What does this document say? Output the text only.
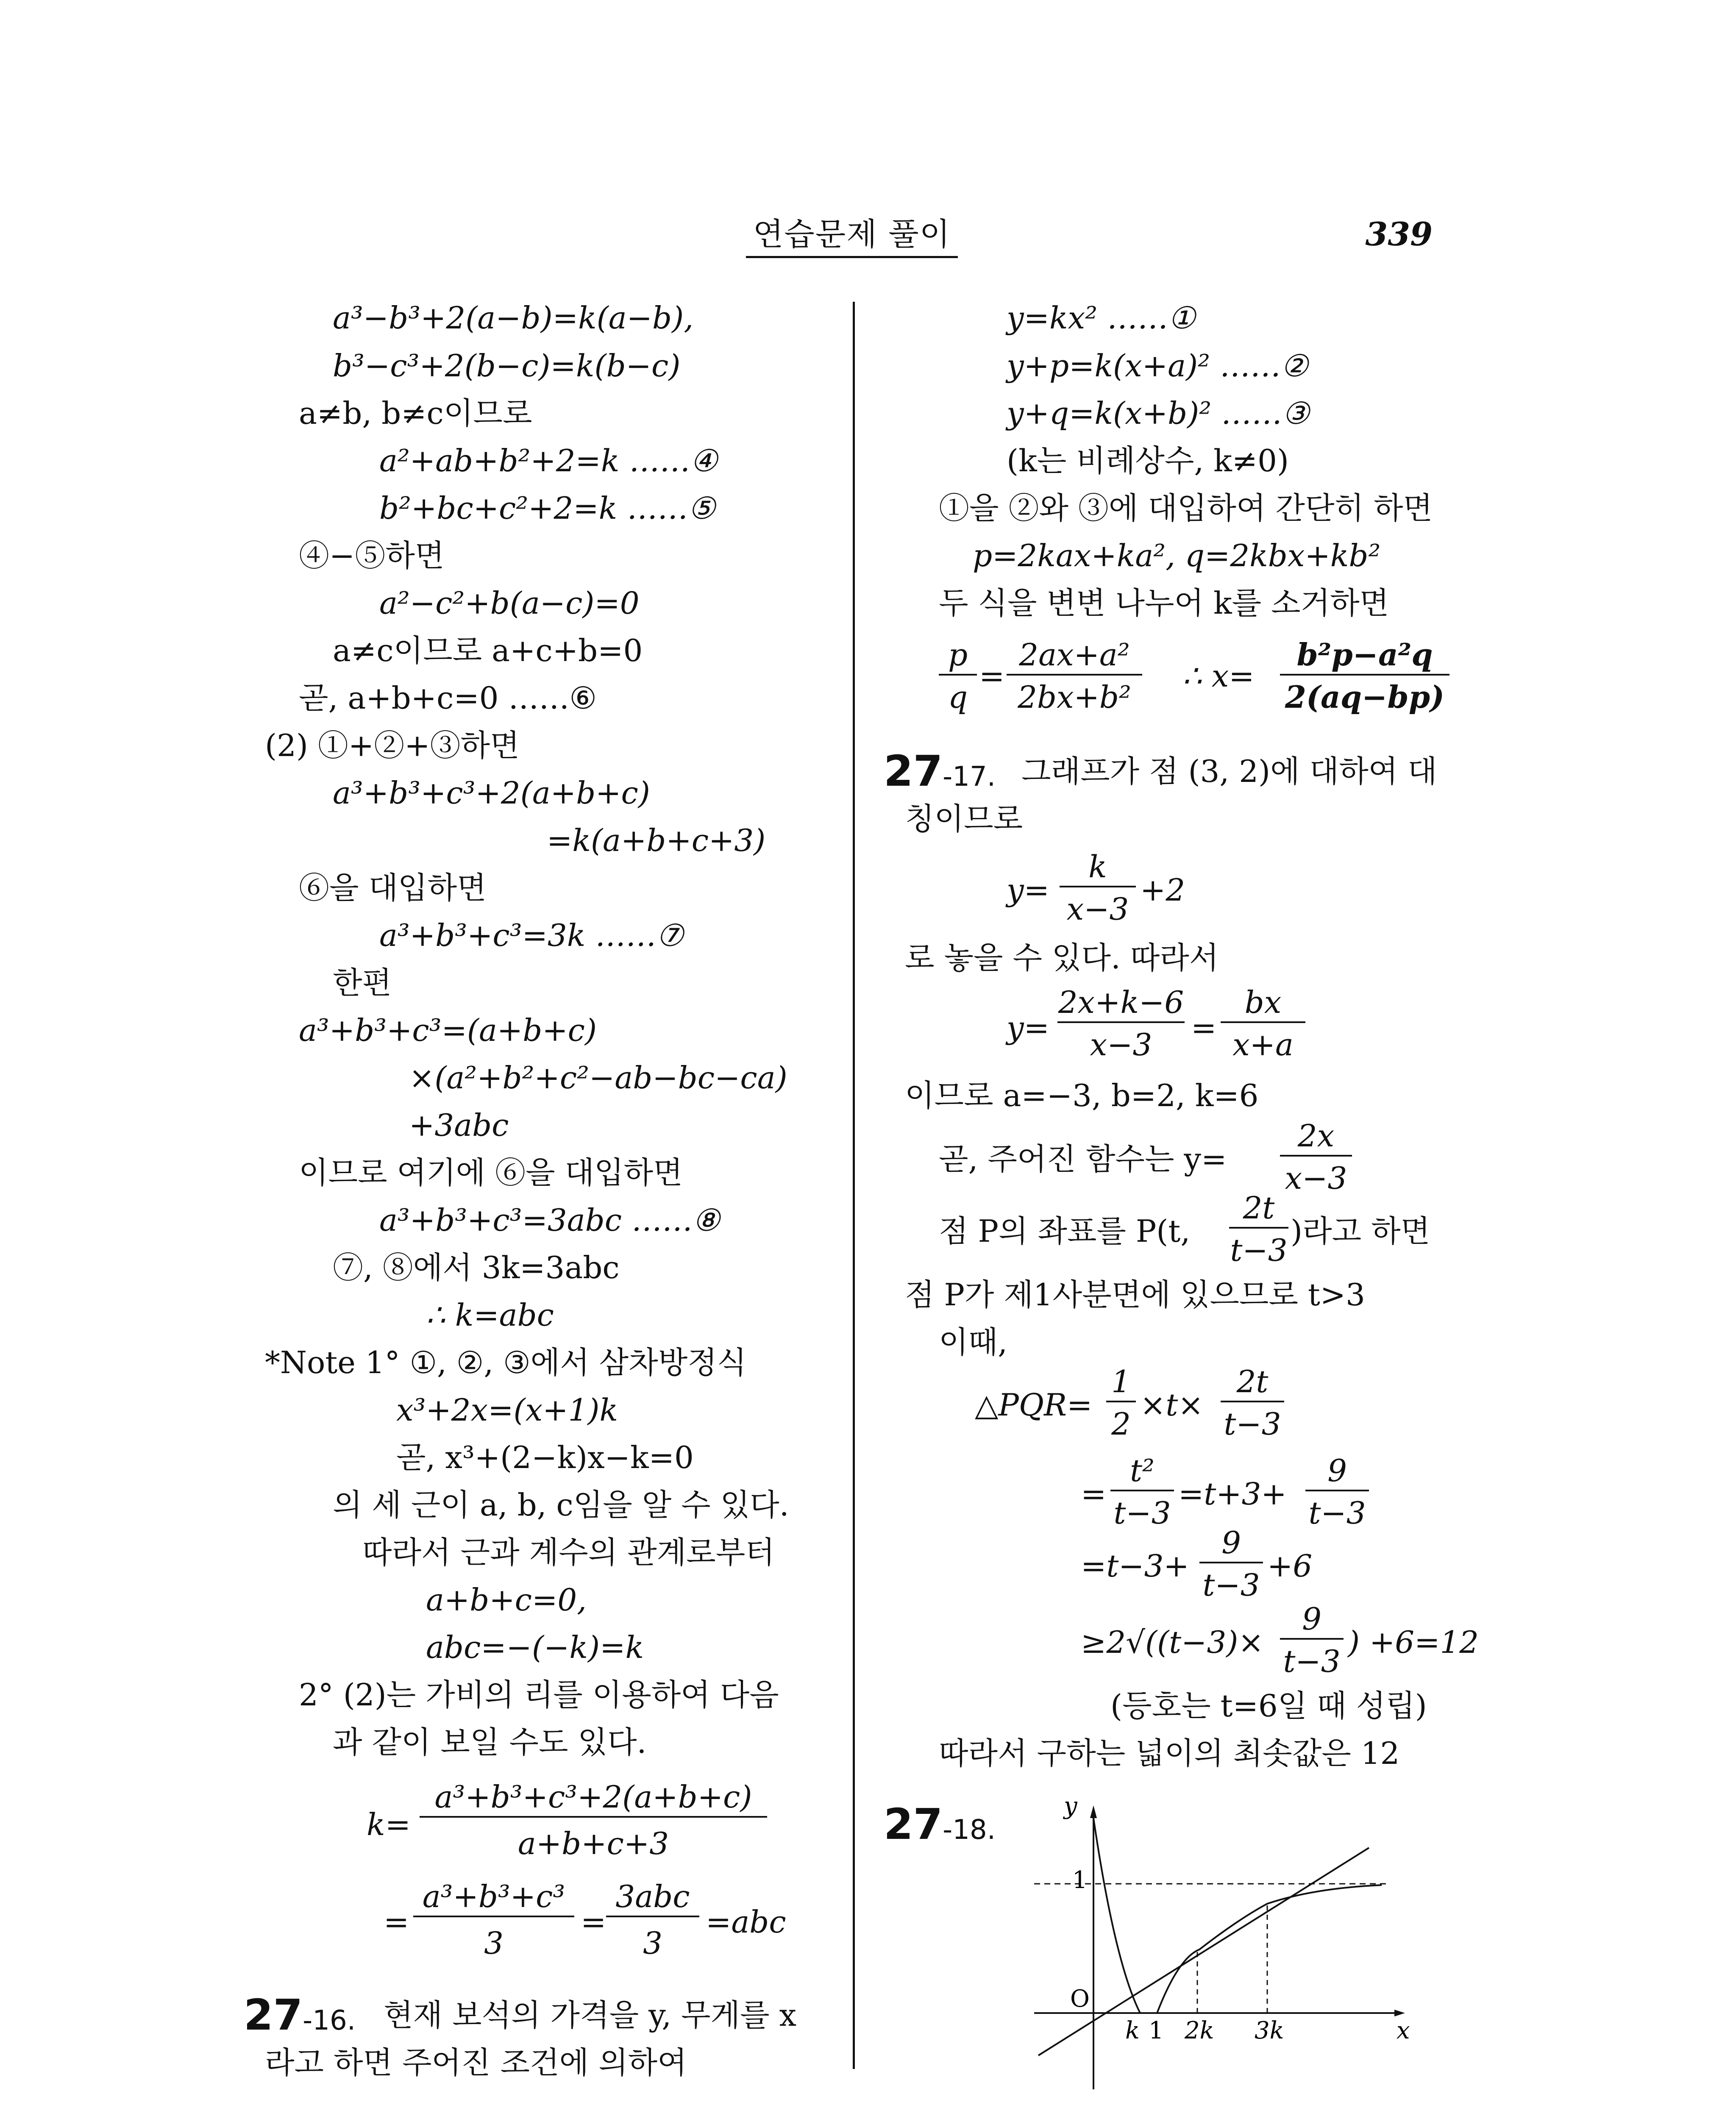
연습문제 풀이	339
a³−b³+2(a−b)=k(a−b),
b³−c³+2(b−c)=k(b−c)
a≠b, b≠c이므로
a²+ab+b²+2=k ……④
b²+bc+c²+2=k ……⑤
④−⑤하면
a²−c²+b(a−c)=0
a≠c이므로 a+c+b=0
곧, a+b+c=0 ……⑥
(2) ①+②+③하면
a³+b³+c³+2(a+b+c)
=k(a+b+c+3)
⑥을 대입하면
a³+b³+c³=3k ……⑦
한편
a³+b³+c³=(a+b+c)
×(a²+b²+c²−ab−bc−ca)
+3abc
이므로 여기에 ⑥을 대입하면
a³+b³+c³=3abc ……⑧
⑦, ⑧에서 3k=3abc
∴ k=abc
*Note 1° ①, ②, ③에서 삼차방정식
x³+2x=(x+1)k
곧, x³+(2−k)x−k=0
의 세 근이 a, b, c임을 알 수 있다.
따라서 근과 계수의 관계로부터
a+b+c=0,
abc=−(−k)=k
2° (2)는 가비의 리를 이용하여 다음
과 같이 보일 수도 있다.
k=
a³+b³+c³+2(a+b+c)
a+b+c+3
=
a³+b³+c³
3
=
3abc
3
=abc
27-16. 현재 보석의 가격을 y, 무게를 x
라고 하면 주어진 조건에 의하여
y=kx² ……①
y+p=k(x+a)² ……②
y+q=k(x+b)² ……③
(k는 비례상수, k≠0)
①을 ②와 ③에 대입하여 간단히 하면
p=2kax+ka², q=2kbx+kb²
두 식을 변변 나누어 k를 소거하면
p
q
=
2ax+a²
2bx+b²
∴ x=
b²p−a²q
2(aq−bp)
27-17. 그래프가 점 (3, 2)에 대하여 대
칭이므로
y=
k
x−3
+2
로 놓을 수 있다. 따라서
y=
2x+k−6
x−3	=
bx
x+a
이므로 a=−3, b=2, k=6
곧, 주어진 함수는 y=
2x
x−3
점 P의 좌표를 P(t,
2t
t−3
)라고 하면
점 P가 제1사분면에 있으므로 t>3
이때,
△PQR=
1
2
×t×
2t
t−3
=
t²
t−3
=t+3+
9
t−3
=t−3+
9
t−3
+6
≥2√((t−3)×
9
t−3
) +6=12
(등호는 t=6일 때 성립)
따라서 구하는 넓이의 최솟값은 12
27-18.
y
x
O
1
k 1 2k 3k
